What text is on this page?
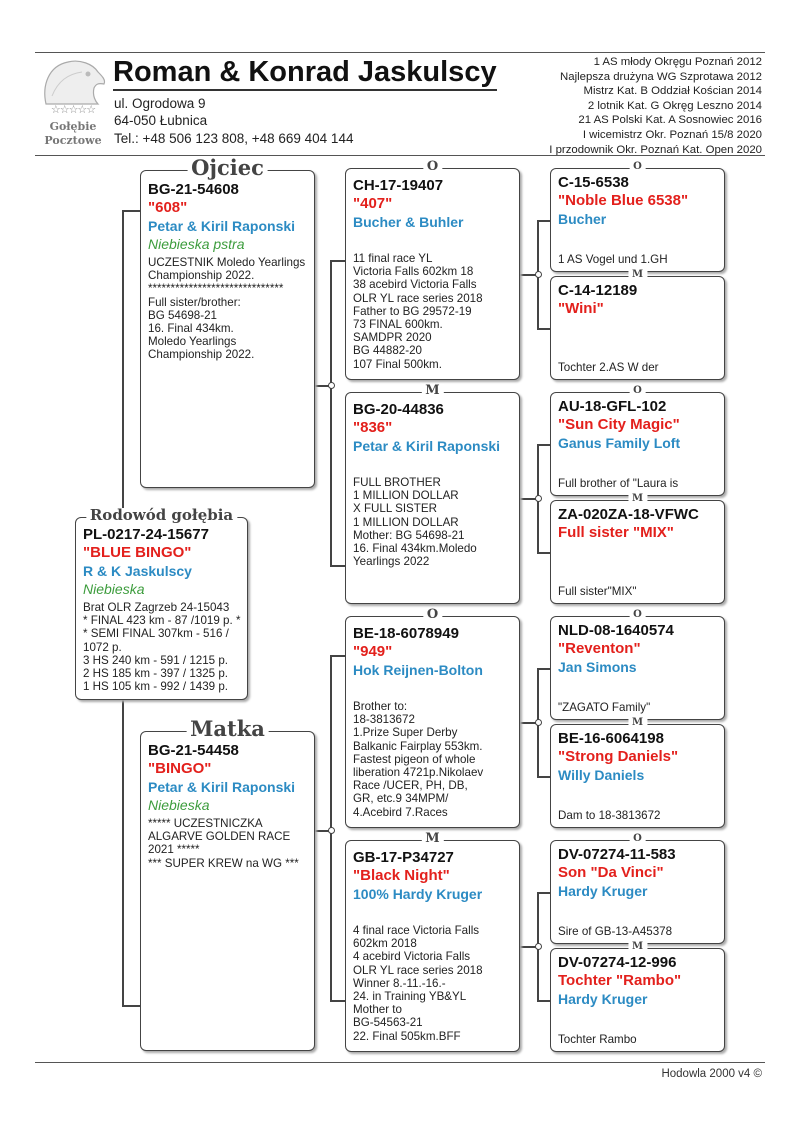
☆☆☆☆☆
Gołębie
Pocztowe
Roman & Konrad Jaskulscy
ul. Ogrodowa 9
64-050 Łubnica
Tel.: +48 506 123 808, +48 669 404 144
1 AS młody Okręgu Poznań 2012
Najlepsza drużyna WG Szprotawa 2012
Mistrz Kat. B Oddział Kościan 2014
2 lotnik Kat. G Okręg Leszno 2014
21 AS Polski Kat. A Sosnowiec 2016
I wicemistrz Okr. Poznań 15/8 2020
I przodownik Okr. Poznań Kat. Open 2020
PL-0217-24-15677
"BLUE BINGO"
R & K Jaskulscy
Niebieska
Brat OLR Zagrzeb 24-15043
* FINAL 423 km - 87 /1019 p. *
* SEMI FINAL 307km - 516 /
1072 p.
3 HS 240 km - 591 / 1215 p.
2 HS 185 km - 397 / 1325 p.
1 HS 105 km - 992 / 1439 p.
Rodowód gołębia
BG-21-54608
"608"
Petar & Kiril Raponski
Niebieska pstra
UCZESTNIK Moledo Yearlings
Championship 2022.
******************************
Full sister/brother:
BG 54698-21
16. Final 434km.
Moledo Yearlings
Championship 2022.
Ojciec
BG-21-54458
"BINGO"
Petar & Kiril Raponski
Niebieska
***** UCZESTNICZKA
ALGARVE GOLDEN RACE
2021 *****
*** SUPER KREW na WG ***
Matka
CH-17-19407
"407"
Bucher & Buhler
11 final race YL
Victoria Falls 602km 18
38 acebird Victoria Falls
OLR YL race series 2018
Father to BG 29572-19
73 FINAL 600km.
SAMDPR 2020
BG 44882-20
107 Final 500km.
O
BG-20-44836
"836"
Petar & Kiril Raponski
FULL BROTHER
1 MILLION DOLLAR
X FULL SISTER
1 MILLION DOLLAR
Mother: BG 54698-21
16. Final 434km.Moledo
Yearlings 2022
M
BE-18-6078949
"949"
Hok Reijnen-Bolton
Brother to:
18-3813672
1.Prize Super Derby
Balkanic Fairplay 553km.
Fastest pigeon of whole
liberation 4721p.Nikolaev
Race /UCER, PH, DB,
GR, etc.9 34MPM/
4.Acebird 7.Races
O
GB-17-P34727
"Black Night"
100% Hardy Kruger
4 final race Victoria Falls
602km 2018
4 acebird Victoria Falls
OLR YL race series 2018
Winner 8.-11.-16.-
24. in Training YB&YL
Mother to
BG-54563-21
22. Final 505km.BFF
M
C-15-6538
"Noble Blue 6538"
Bucher
1 AS Vogel und 1.GH
O
C-14-12189
"Wini"

Tochter 2.AS W der
M
AU-18-GFL-102
"Sun City Magic"
Ganus Family Loft
Full brother of "Laura is
O
ZA-020ZA-18-VFWC
Full sister "MIX"

Full sister"MIX"
M
NLD-08-1640574
"Reventon"
Jan Simons
"ZAGATO Family"
O
BE-16-6064198
"Strong Daniels"
Willy Daniels
Dam to 18-3813672
M
DV-07274-11-583
Son "Da Vinci"
Hardy Kruger
Sire of GB-13-A45378
O
DV-07274-12-996
Tochter "Rambo"
Hardy Kruger
Tochter Rambo
M
Hodowla 2000 v4 ©
